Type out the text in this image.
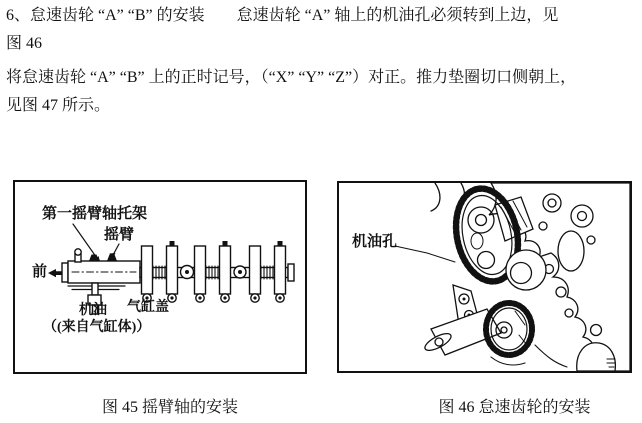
6、怠速齿轮 “A” “B” 的安装　　怠速齿轮 “A” 轴上的机油孔必须转到上边，见
图 46
将怠速齿轮 “A” “B” 上的正时记号，（“X” “Y” “Z”）对正。推力垫圈切口侧朝上，
见图 47 所示。
第一摇臂轴托架
摇臂
前
机油 气缸盖
（(来自气缸体)）
机油孔
图 45 摇臂轴的安装	图 46 怠速齿轮的安装
